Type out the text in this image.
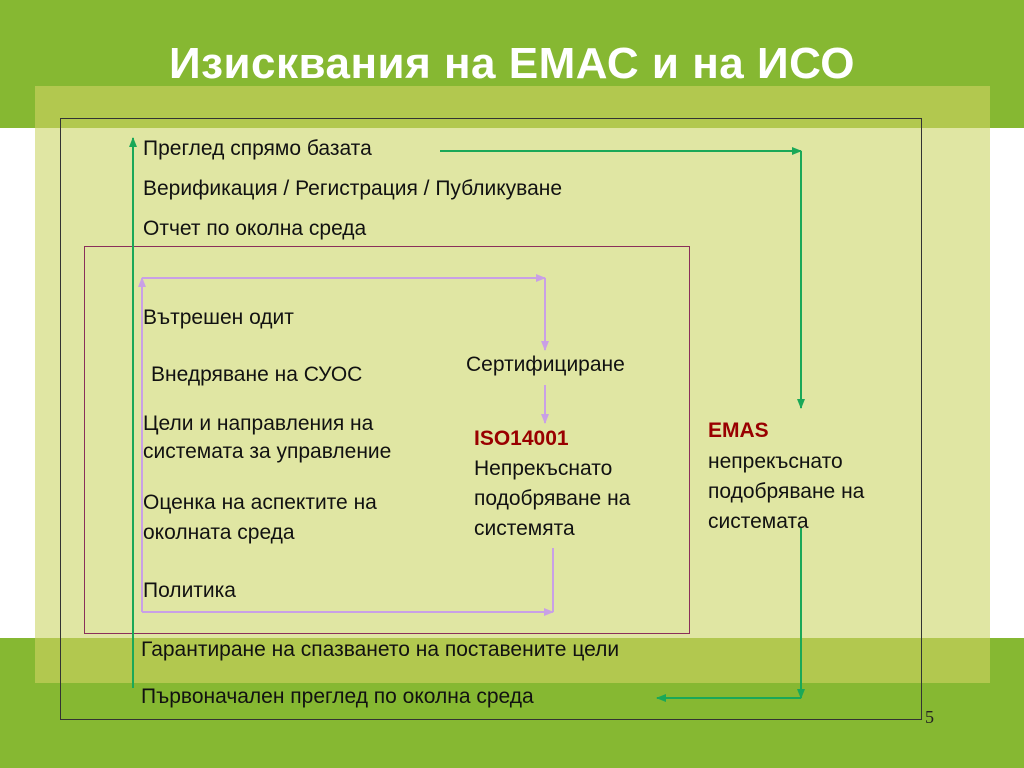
Изисквания на ЕМАС и на ИСО
Преглед спрямо базата
Верификация / Регистрация / Публикуване
Отчет по околна среда
Вътрешен одит
Внедряване на СУОС
Цели и направления на
системата за управление
Оценка на аспектите на
околната среда
Политика
Сертифициране
ISO14001
Непрекъснато
подобряване на
системята
EMAS
непрекъснато
подобряване на
системата
Гарантиране на спазването на поставените цели
Първоначален преглед по околна среда
5
